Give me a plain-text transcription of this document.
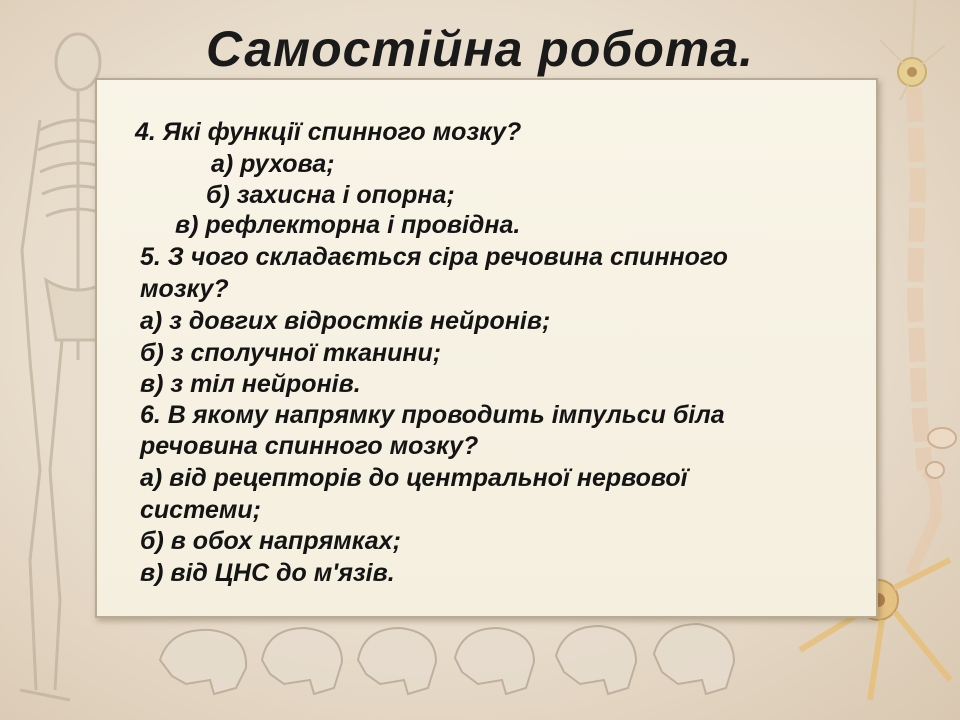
Самостійна робота.
4. Які функції спинного мозку?
а) рухова;
б) захисна і опорна;
в) рефлекторна і провідна.
5. З чого складається сіра речовина спинного
мозку?
а) з довгих відростків нейронів;
б) з сполучної тканини;
в) з тіл нейронів.
6. В якому напрямку проводить імпульси біла
речовина спинного мозку?
а) від рецепторів до центральної нервової
системи;
б) в обох напрямках;
в) від ЦНС до м'язів.
